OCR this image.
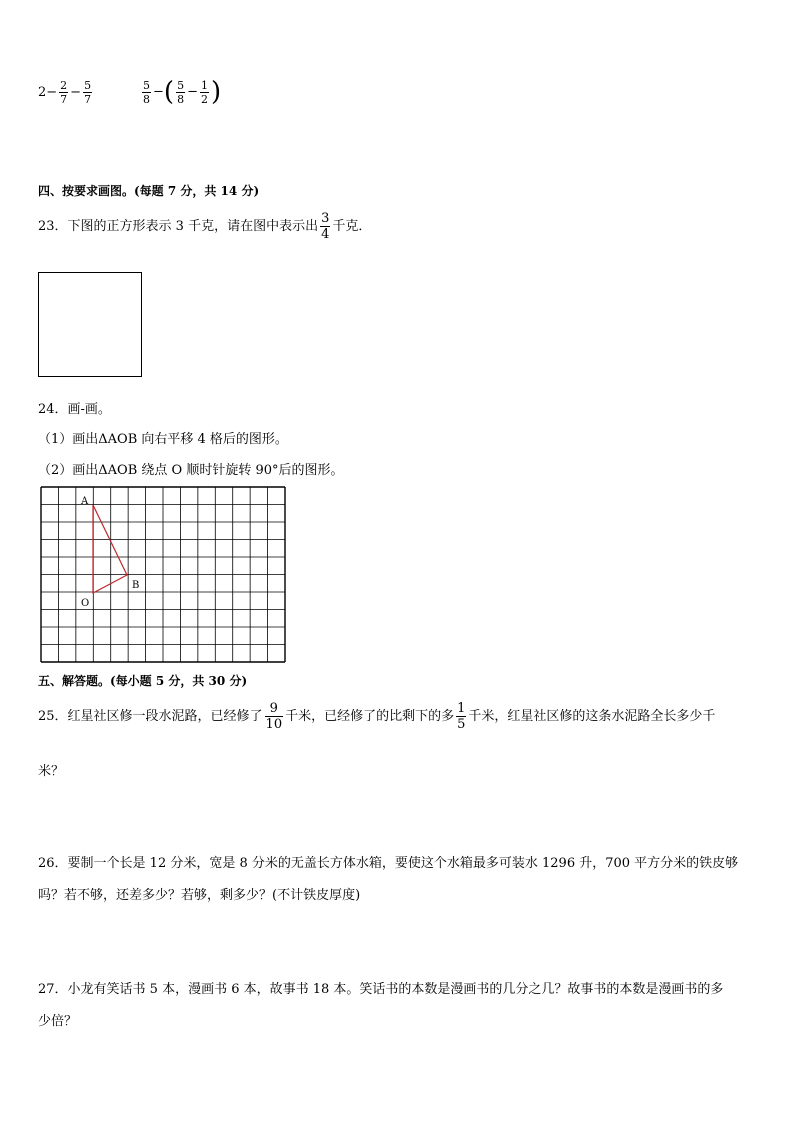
$2- \frac{2}{7} - \frac{5}{7}$	$\frac{5}{8}$ −( $\frac{5}{8} - \frac{1}{2}$ )
四、按要求画图。(每题 7 分，共 14 分)
23．下图的正方形表示 3 千克，请在图中表示出 $\frac{3}{4}$ 千克．
24．画-画。
（1）画出ΔAOB 向右平移 4 格后的图形。
（2）画出ΔAOB 绕点 O 顺时针旋转 90°后的图形。
A
B
O
五、解答题。(每小题 5 分，共 30 分)
25．红星社区修一段水泥路，已经修了 $\frac{9}{10}$ 千米，已经修了的比剩下的多 $\frac{1}{5}$ 千米，红星社区修的这条水泥路全长多少千
米？
26．要制一个长是 12 分米，宽是 8 分米的无盖长方体水箱，要使这个水箱最多可装水 1296 升，700 平方分米的铁皮够
吗？若不够，还差多少？若够，剩多少？(不计铁皮厚度)
27．小龙有笑话书 5 本，漫画书 6 本，故事书 18 本。笑话书的本数是漫画书的几分之几？故事书的本数是漫画书的多
少倍？
